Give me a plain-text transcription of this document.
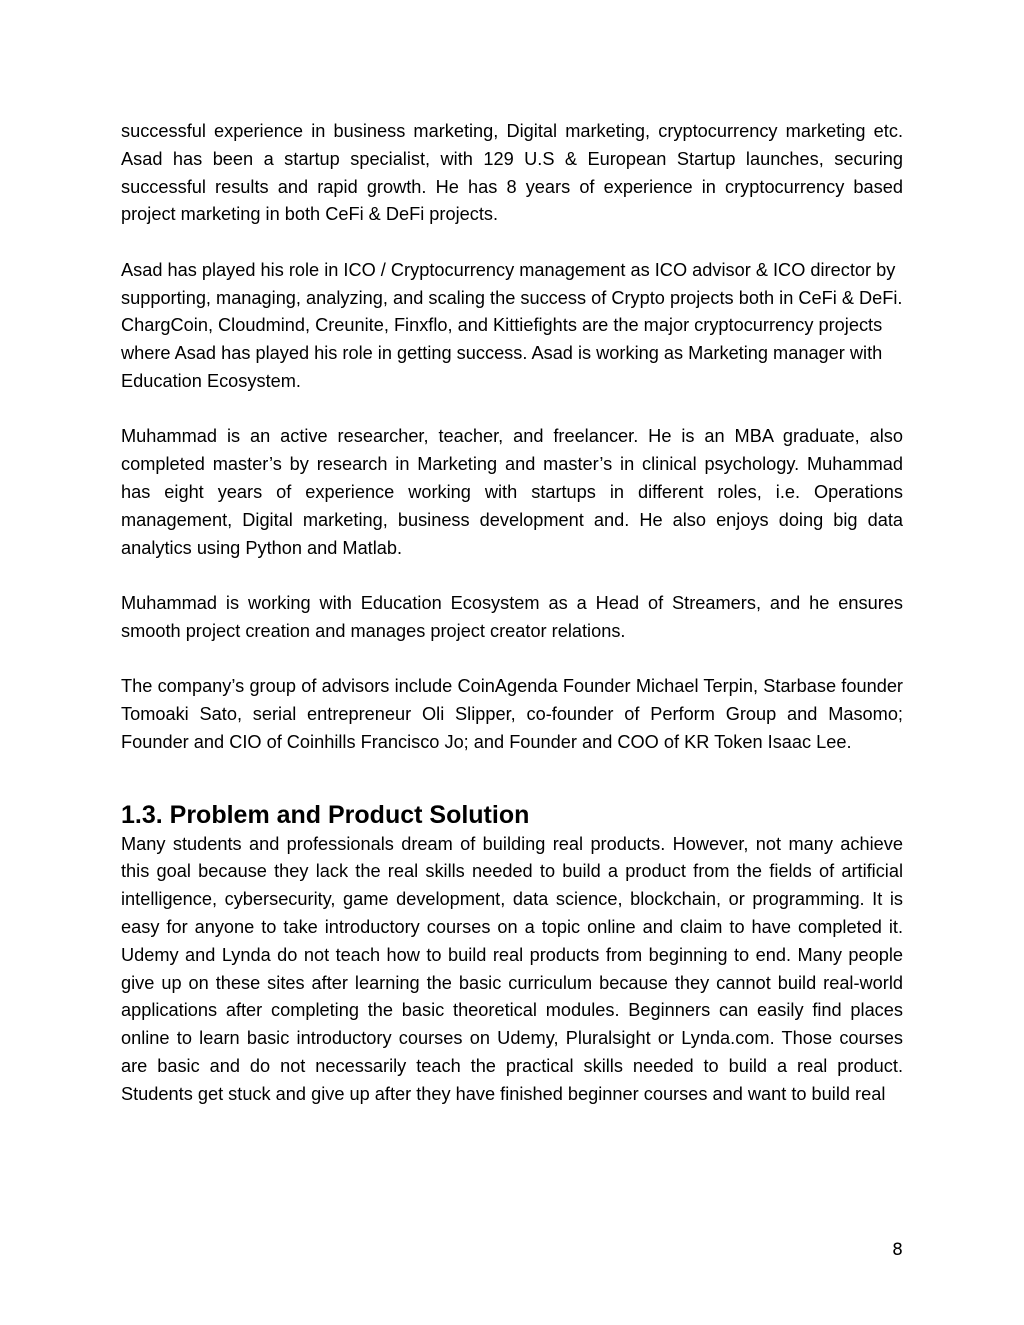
successful experience in business marketing, Digital marketing, cryptocurrency marketing etc. Asad has been a startup specialist, with 129 U.S & European Startup launches, securing successful results and rapid growth. He has 8 years of experience in cryptocurrency based project marketing in both CeFi & DeFi projects.

Asad has played his role in ICO / Cryptocurrency management as ICO advisor & ICO director by supporting, managing, analyzing, and scaling the success of Crypto projects both in CeFi & DeFi. ChargCoin, Cloudmind, Creunite, Finxflo, and Kittiefights are the major cryptocurrency projects where Asad has played his role in getting success. Asad is working as Marketing manager with Education Ecosystem.

Muhammad is an active researcher, teacher, and freelancer. He is an MBA graduate, also completed master’s by research in Marketing and master’s in clinical psychology. Muhammad has eight years of experience working with startups in different roles, i.e. Operations management, Digital marketing, business development and. He also enjoys doing big data analytics using Python and Matlab.

Muhammad is working with Education Ecosystem as a Head of Streamers, and he ensures smooth project creation and manages project creator relations.

The company’s group of advisors include CoinAgenda Founder Michael Terpin, Starbase founder Tomoaki Sato, serial entrepreneur Oli Slipper, co-founder of Perform Group and Masomo; Founder and CIO of Coinhills Francisco Jo; and Founder and COO of KR Token Isaac Lee.

1.3. Problem and Product Solution

Many students and professionals dream of building real products. However, not many achieve this goal because they lack the real skills needed to build a product from the fields of artificial intelligence, cybersecurity, game development, data science, blockchain, or programming. It is easy for anyone to take introductory courses on a topic online and claim to have completed it. Udemy and Lynda do not teach how to build real products from beginning to end. Many people give up on these sites after learning the basic curriculum because they cannot build real-world applications after completing the basic theoretical modules. Beginners can easily find places online to learn basic introductory courses on Udemy, Pluralsight or Lynda.com. Those courses are basic and do not necessarily teach the practical skills needed to build a real product. Students get stuck and give up after they have finished beginner courses and want to build real

8
